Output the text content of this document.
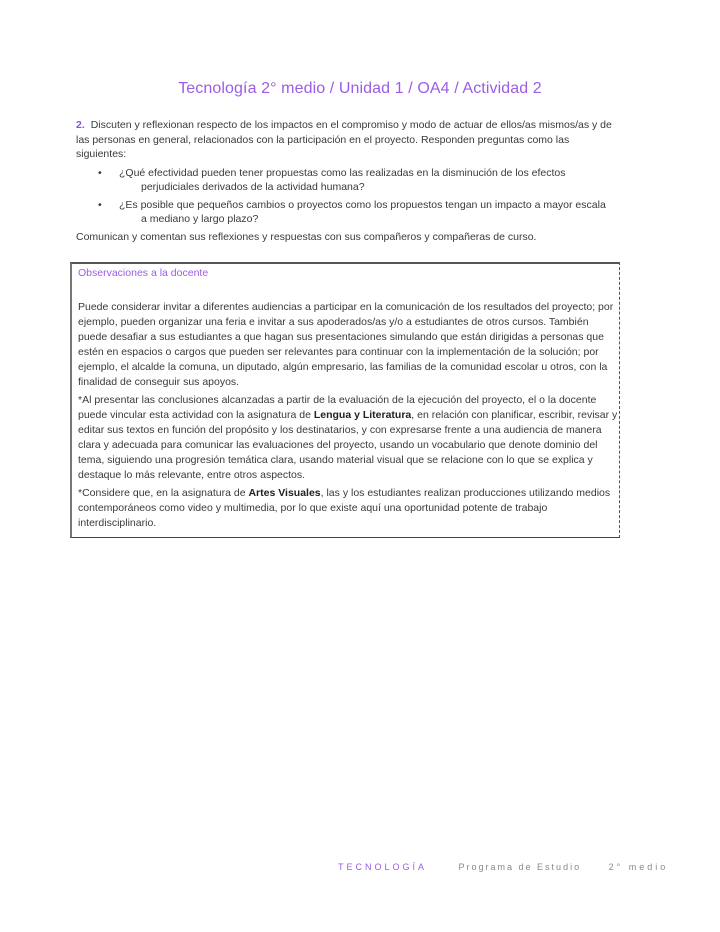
Tecnología 2° medio / Unidad 1 / OA4 / Actividad 2
2. Discuten y reflexionan respecto de los impactos en el compromiso y modo de actuar de ellos/as mismos/as y de las personas en general, relacionados con la participación en el proyecto. Responden preguntas como las siguientes:
• ¿Qué efectividad pueden tener propuestas como las realizadas en la disminución de los efectos
perjudiciales derivados de la actividad humana?
• ¿Es posible que pequeños cambios o proyectos como los propuestos tengan un impacto a mayor escala
a mediano y largo plazo?
Comunican y comentan sus reflexiones y respuestas con sus compañeros y compañeras de curso.
Observaciones a la docente

Puede considerar invitar a diferentes audiencias a participar en la comunicación de los resultados del proyecto; por ejemplo, pueden organizar una feria e invitar a sus apoderados/as y/o a estudiantes de otros cursos. También puede desafiar a sus estudiantes a que hagan sus presentaciones simulando que están dirigidas a personas que estén en espacios o cargos que pueden ser relevantes para continuar con la implementación de la solución; por ejemplo, el alcalde la comuna, un diputado, algún empresario, las familias de la comunidad escolar u otros, con la finalidad de conseguir sus apoyos.

*Al presentar las conclusiones alcanzadas a partir de la evaluación de la ejecución del proyecto, el o la docente puede vincular esta actividad con la asignatura de Lengua y Literatura, en relación con planificar, escribir, revisar y editar sus textos en función del propósito y los destinatarios, y con expresarse frente a una audiencia de manera clara y adecuada para comunicar las evaluaciones del proyecto, usando un vocabulario que denote dominio del tema, siguiendo una progresión temática clara, usando material visual que se relacione con lo que se explica y destaque lo más relevante, entre otros aspectos.

*Considere que, en la asignatura de Artes Visuales, las y los estudiantes realizan producciones utilizando medios contemporáneos como video y multimedia, por lo que existe aquí una oportunidad potente de trabajo interdisciplinario.

TECNOLOGÍA	Programa de Estudio	2° medio
